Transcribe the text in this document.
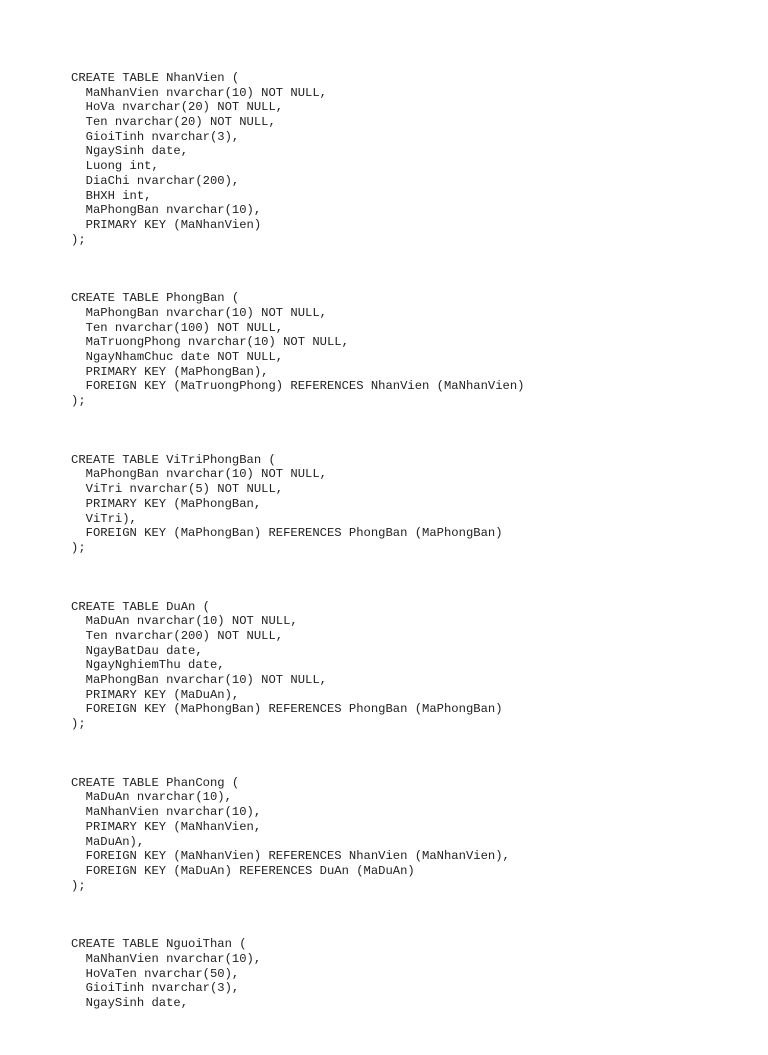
CREATE TABLE NhanVien (
MaNhanVien nvarchar(10) NOT NULL,
HoVa nvarchar(20) NOT NULL,
Ten nvarchar(20) NOT NULL,
GioiTinh nvarchar(3),
NgaySinh date,
Luong int,
DiaChi nvarchar(200),
BHXH int,
MaPhongBan nvarchar(10),
PRIMARY KEY (MaNhanVien)
);
CREATE TABLE PhongBan (
MaPhongBan nvarchar(10) NOT NULL,
Ten nvarchar(100) NOT NULL,
MaTruongPhong nvarchar(10) NOT NULL,
NgayNhamChuc date NOT NULL,
PRIMARY KEY (MaPhongBan),
FOREIGN KEY (MaTruongPhong) REFERENCES NhanVien (MaNhanVien)
);
CREATE TABLE ViTriPhongBan (
MaPhongBan nvarchar(10) NOT NULL,
ViTri nvarchar(5) NOT NULL,
PRIMARY KEY (MaPhongBan,
ViTri),
FOREIGN KEY (MaPhongBan) REFERENCES PhongBan (MaPhongBan)
);
CREATE TABLE DuAn (
MaDuAn nvarchar(10) NOT NULL,
Ten nvarchar(200) NOT NULL,
NgayBatDau date,
NgayNghiemThu date,
MaPhongBan nvarchar(10) NOT NULL,
PRIMARY KEY (MaDuAn),
FOREIGN KEY (MaPhongBan) REFERENCES PhongBan (MaPhongBan)
);
CREATE TABLE PhanCong (
MaDuAn nvarchar(10),
MaNhanVien nvarchar(10),
PRIMARY KEY (MaNhanVien,
MaDuAn),
FOREIGN KEY (MaNhanVien) REFERENCES NhanVien (MaNhanVien),
FOREIGN KEY (MaDuAn) REFERENCES DuAn (MaDuAn)
);
CREATE TABLE NguoiThan (
MaNhanVien nvarchar(10),
HoVaTen nvarchar(50),
GioiTinh nvarchar(3),
NgaySinh date,
